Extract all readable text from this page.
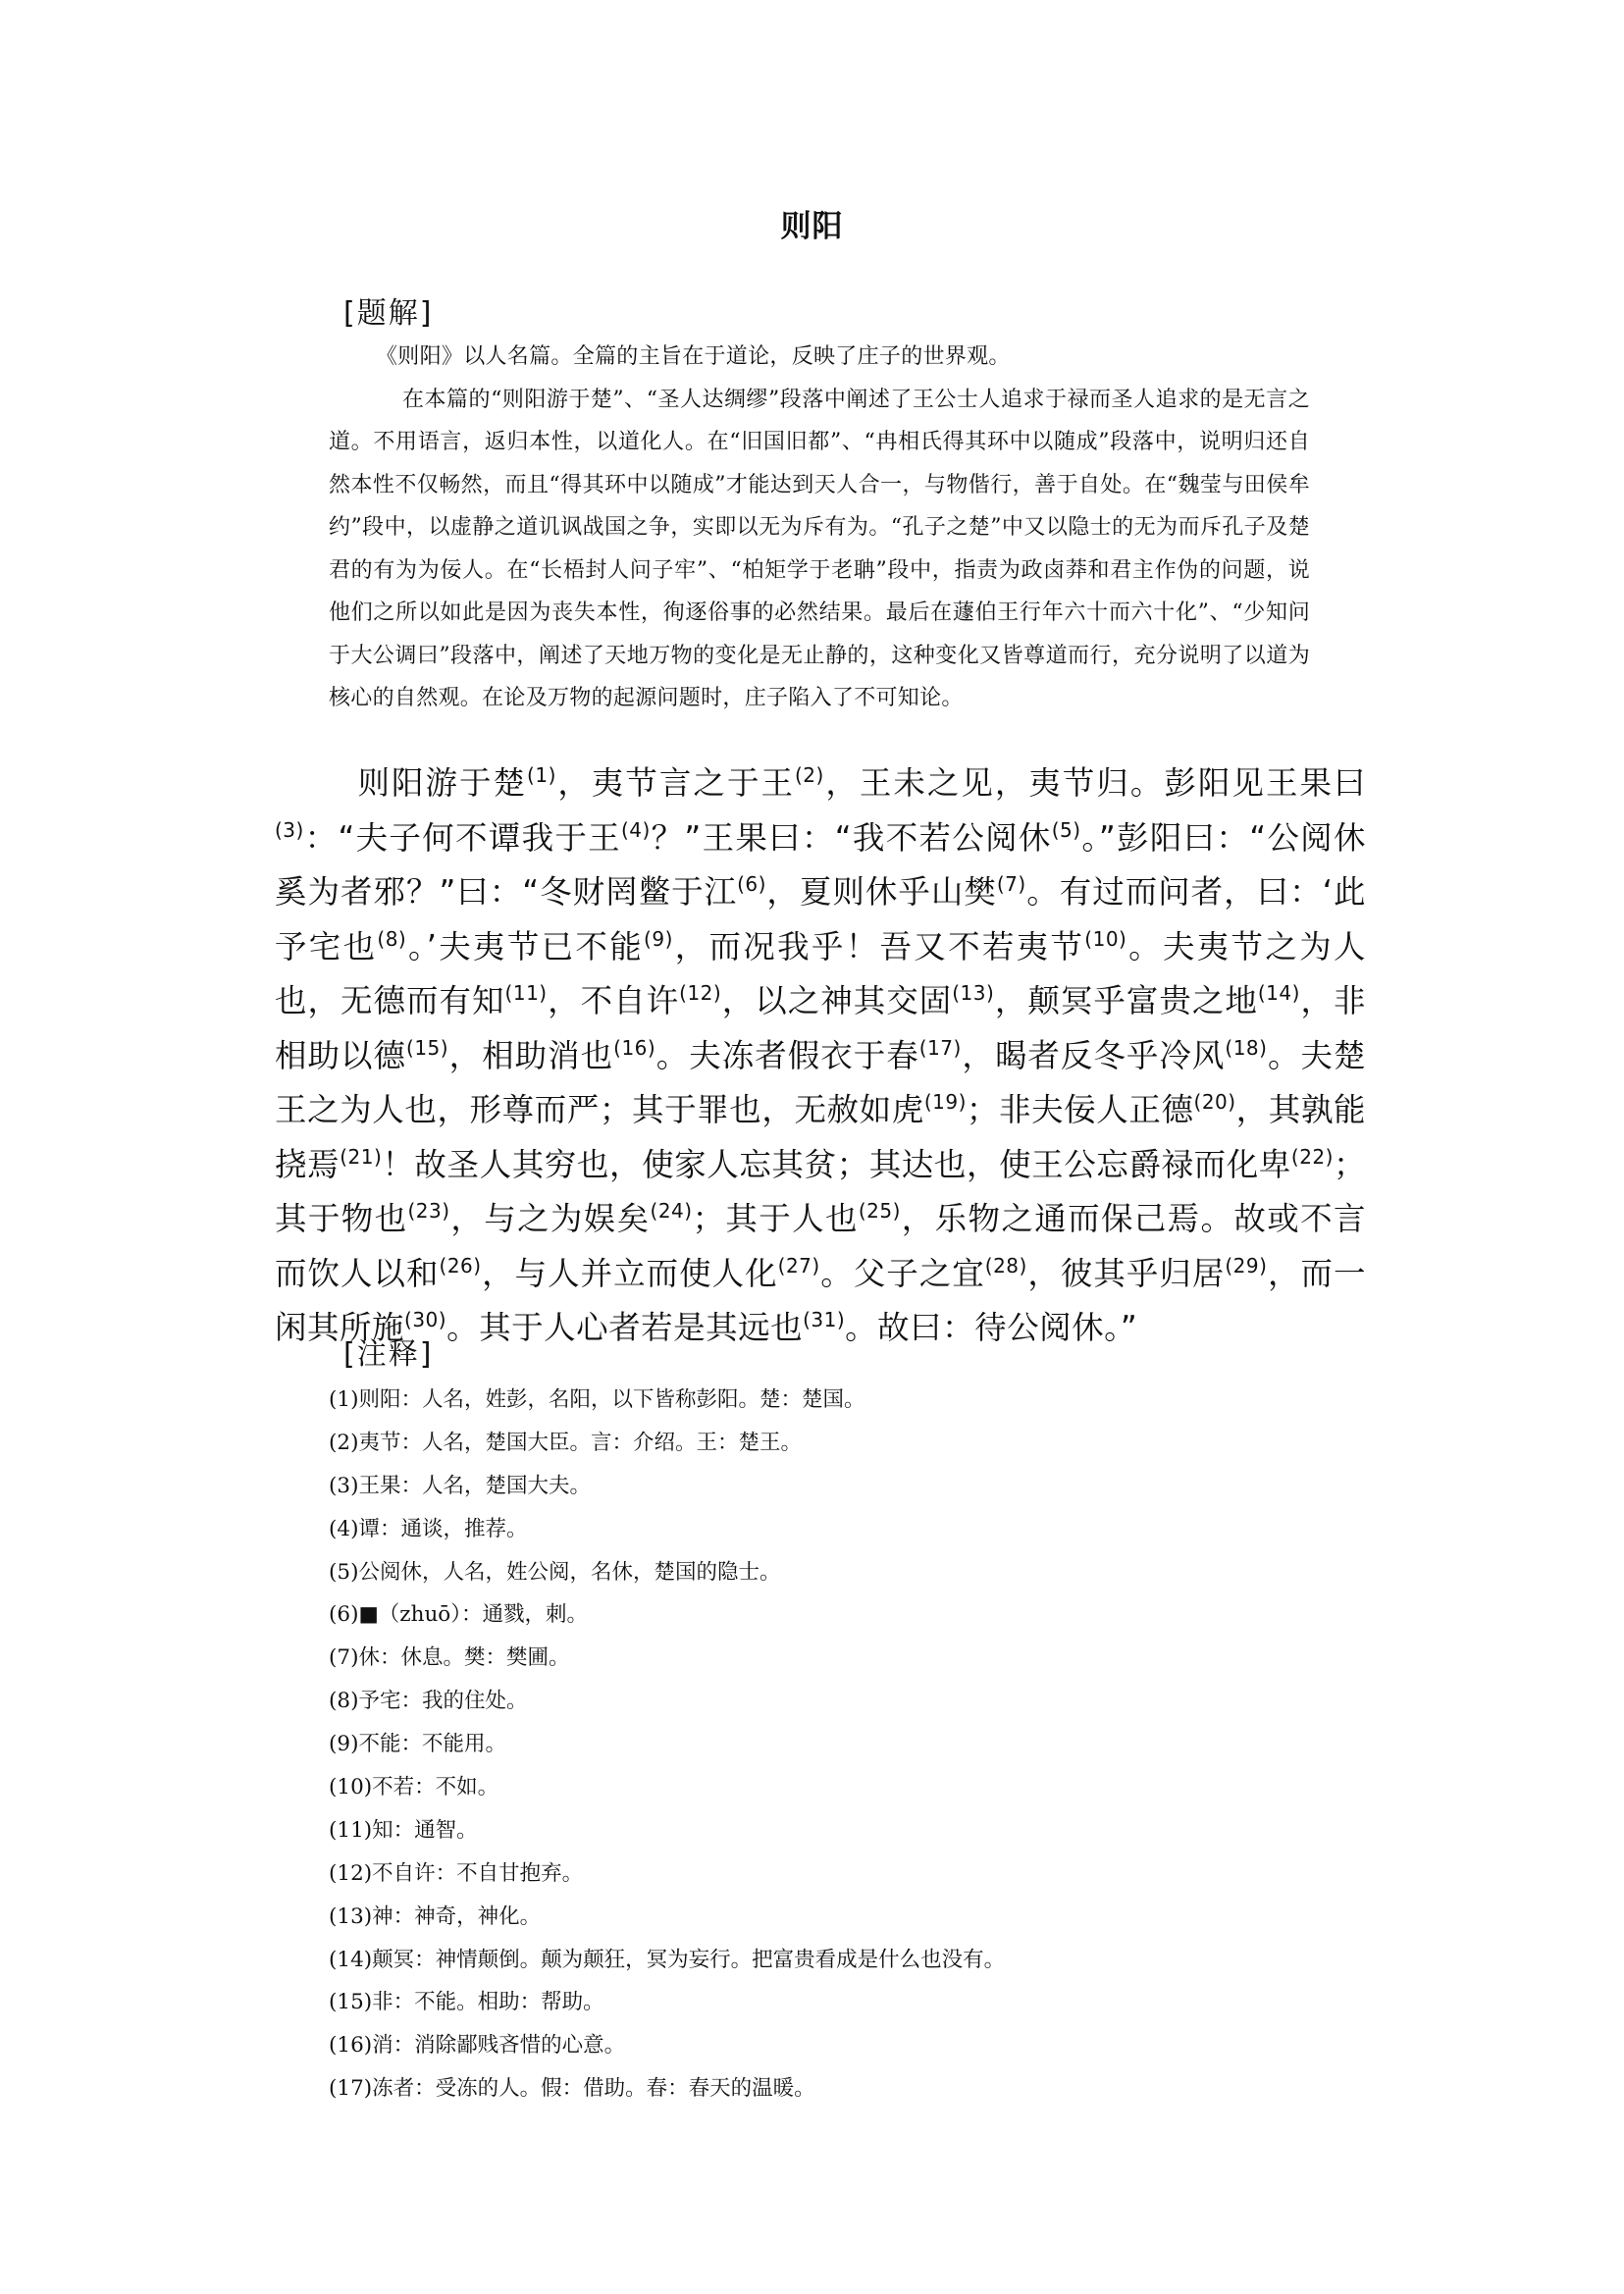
则阳
[题解]

《则阳》以人名篇。全篇的主旨在于道论，反映了庄子的世界观。

在本篇的“则阳游于楚”、“圣人达绸缪”段落中阐述了王公士人追求于禄而圣人追求的是无言之道。不用语言，返归本性，以道化人。在“旧国旧都”、“冉相氏得其环中以随成”段落中，说明归还自然本性不仅畅然，而且“得其环中以随成”才能达到天人合一，与物偕行，善于自处。在“魏莹与田侯牟约”段中，以虚静之道讥讽战国之争，实即以无为斥有为。“孔子之楚”中又以隐士的无为而斥孔子及楚君的有为为佞人。在“长梧封人问子牢”、“柏矩学于老聃”段中，指责为政卤莽和君主作伪的问题，说他们之所以如此是因为丧失本性，徇逐俗事的必然结果。最后在蘧伯王行年六十而六十化”、“少知问于大公调曰”段落中，阐述了天地万物的变化是无止静的，这种变化又皆尊道而行，充分说明了以道为核心的自然观。在论及万物的起源问题时，庄子陷入了不可知论。

则阳游于楚$^{(1)}$，夷节言之于王$^{(2)}$，王未之见，夷节归。彭阳见王果曰$^{(3)}$：“夫子何不谭我于王$^{(4)}$？”王果曰：“我不若公阅休$^{(5)}$。”彭阳曰：“公阅休奚为者邪？”曰：“冬财罔鳖于江$^{(6)}$，夏则休乎山樊$^{(7)}$。有过而问者，曰：‘此予宅也$^{(8)}$。’夫夷节已不能$^{(9)}$，而况我乎！吾又不若夷节$^{(10)}$。夫夷节之为人也，无德而有知$^{(11)}$，不自许$^{(12)}$，以之神其交固$^{(13)}$，颠冥乎富贵之地$^{(14)}$，非相助以德$^{(15)}$，相助消也$^{(16)}$。夫冻者假衣于春$^{(17)}$，暍者反冬乎冷风$^{(18)}$。夫楚王之为人也，形尊而严；其于罪也，无赦如虎$^{(19)}$；非夫佞人正德$^{(20)}$，其孰能挠焉$^{(21)}$！故圣人其穷也，使家人忘其贫；其达也，使王公忘爵禄而化卑$^{(22)}$；其于物也$^{(23)}$，与之为娱矣$^{(24)}$；其于人也$^{(25)}$，乐物之通而保己焉。故或不言而饮人以和$^{(26)}$，与人并立而使人化$^{(27)}$。父子之宜$^{(28)}$，彼其乎归居$^{(29)}$，而一闲其所施$^{(30)}$。其于人心者若是其远也$^{(31)}$。故曰：待公阅休。”

[注释]
(1)则阳：人名，姓彭，名阳，以下皆称彭阳。楚：楚国。
(2)夷节：人名，楚国大臣。言：介绍。王：楚王。
(3)王果：人名，楚国大夫。
(4)谭：通谈，推荐。
(5)公阅休，人名，姓公阅，名休，楚国的隐士。
(6)■（zhuō）：通戮，刺。
(7)休：休息。樊：樊圃。
(8)予宅：我的住处。
(9)不能：不能用。
(10)不若：不如。
(11)知：通智。
(12)不自许：不自甘抱弃。
(13)神：神奇，神化。
(14)颠冥：神情颠倒。颠为颠狂，冥为妄行。把富贵看成是什么也没有。
(15)非：不能。相助：帮助。
(16)消：消除鄙贱吝惜的心意。
(17)冻者：受冻的人。假：借助。春：春天的温暖。
